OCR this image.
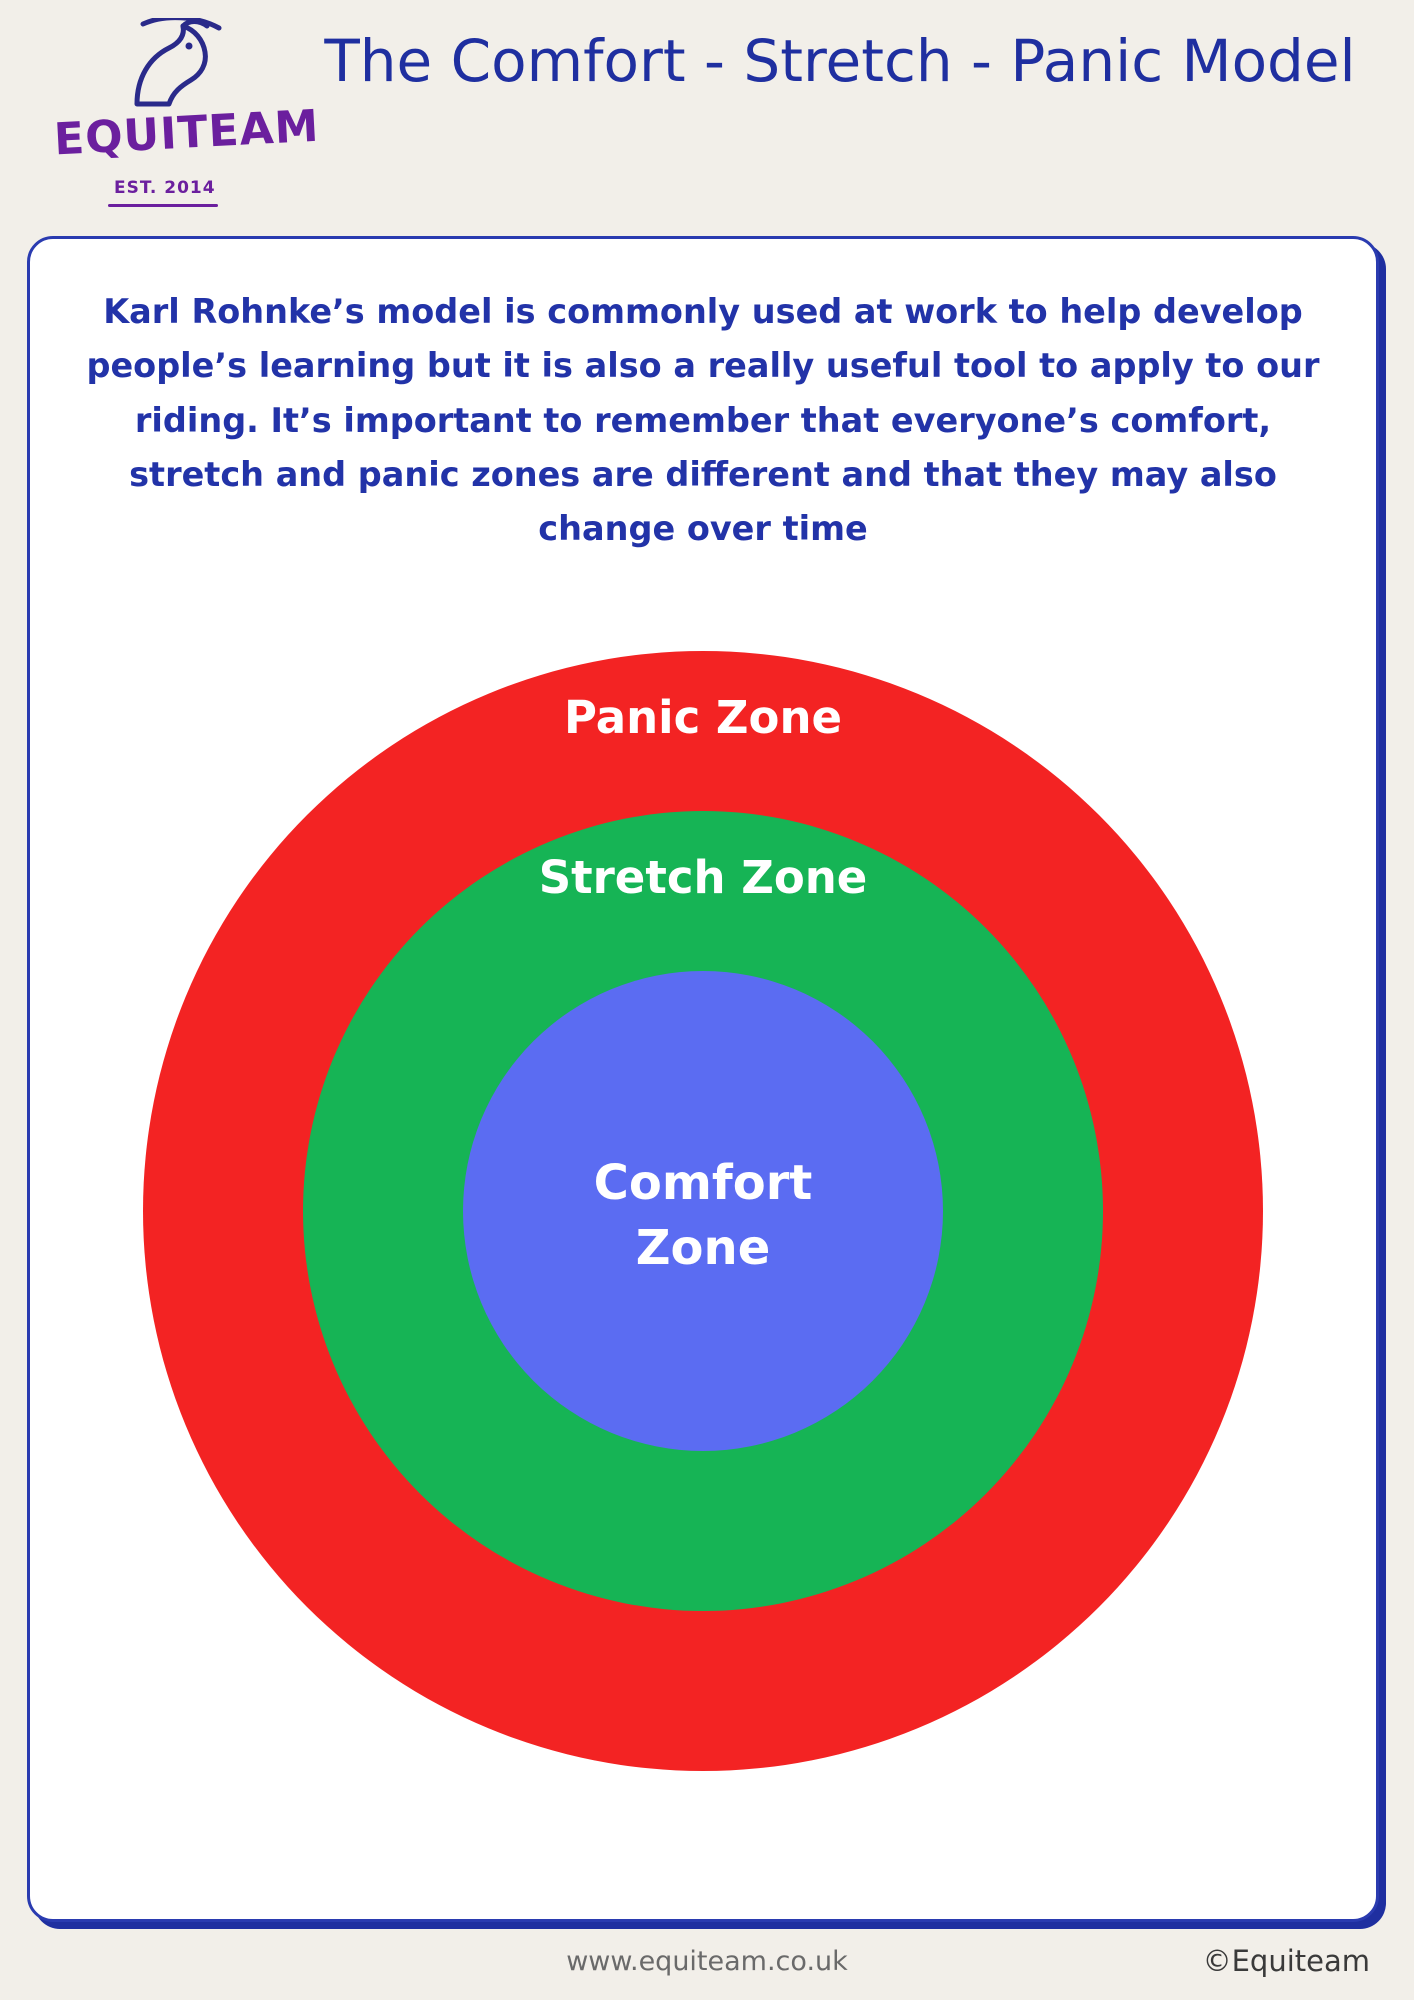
EQUITEAM
EST. 2014
The Comfort - Stretch - Panic Model
Karl Rohnke’s model is commonly used at work to help develop people’s learning but it is also a really useful tool to apply to our riding. It’s important to remember that everyone’s comfort, stretch and panic zones are different and that they may also change over time
Panic Zone
Stretch Zone
Comfort
Zone
www.equiteam.co.uk	©Equiteam
